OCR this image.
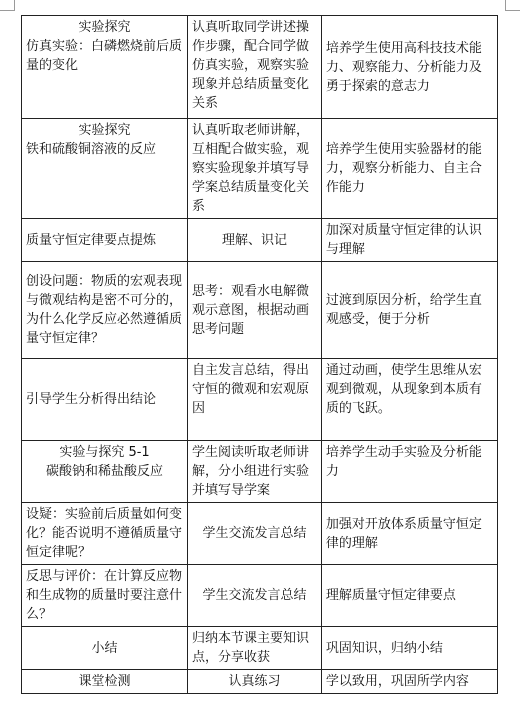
实验探究
仿真实验：白磷燃烧前后质量的变化	认真听取同学讲述操作步骤，配合同学做仿真实验，观察实验现象并总结质量变化关系	培养学生使用高科技技术能力、观察能力、分析能力及勇于探索的意志力

实验探究
铁和硫酸铜溶液的反应	认真听取老师讲解，互相配合做实验，观察实验现象并填写导学案总结质量变化关系	培养学生使用实验器材的能力，观察分析能力、自主合作能力
质量守恒定律要点提炼	理解、识记	加深对质量守恒定律的认识与理解
创设问题：物质的宏观表现与微观结构是密不可分的，为什么化学反应必然遵循质量守恒定律？	思考：观看水电解微观示意图，根据动画思考问题	过渡到原因分析，给学生直观感受，便于分析
引导学生分析得出结论	自主发言总结，得出守恒的微观和宏观原因	通过动画，使学生思维从宏观到微观，从现象到本质有质的飞跃。

实验与探究 5-1
碳酸钠和稀盐酸反应	学生阅读听取老师讲解，分小组进行实验并填写导学案	培养学生动手实验及分析能力
设疑：实验前后质量如何变化？能否说明不遵循质量守恒定律呢？	学生交流发言总结	加强对开放体系质量守恒定律的理解
反思与评价：在计算反应物和生成物的质量时要注意什么？	学生交流发言总结	理解质量守恒定律要点
小结	归纳本节课主要知识点，分享收获	巩固知识，归纳小结
课堂检测	认真练习	学以致用，巩固所学内容
